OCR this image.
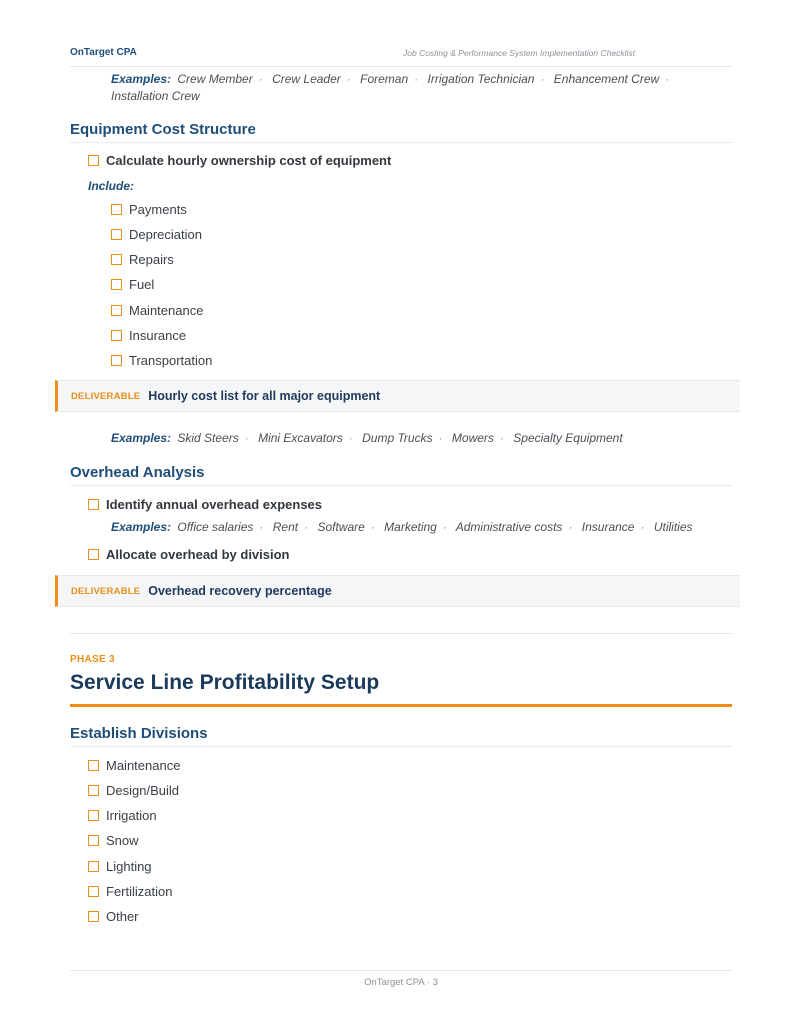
OnTarget CPA	Job Costing & Performance System Implementation Checklist
Examples: Crew Member · Crew Leader · Foreman · Irrigation Technician · Enhancement Crew · Installation Crew
Equipment Cost Structure
Calculate hourly ownership cost of equipment
Include:
Payments
Depreciation
Repairs
Fuel
Maintenance
Insurance
Transportation
DELIVERABLE Hourly cost list for all major equipment
Examples: Skid Steers · Mini Excavators · Dump Trucks · Mowers · Specialty Equipment
Overhead Analysis
Identify annual overhead expenses
Examples: Office salaries · Rent · Software · Marketing · Administrative costs · Insurance · Utilities
Allocate overhead by division
DELIVERABLE Overhead recovery percentage
PHASE 3
Service Line Profitability Setup
Establish Divisions
Maintenance
Design/Build
Irrigation
Snow
Lighting
Fertilization
Other
OnTarget CPA · 3
